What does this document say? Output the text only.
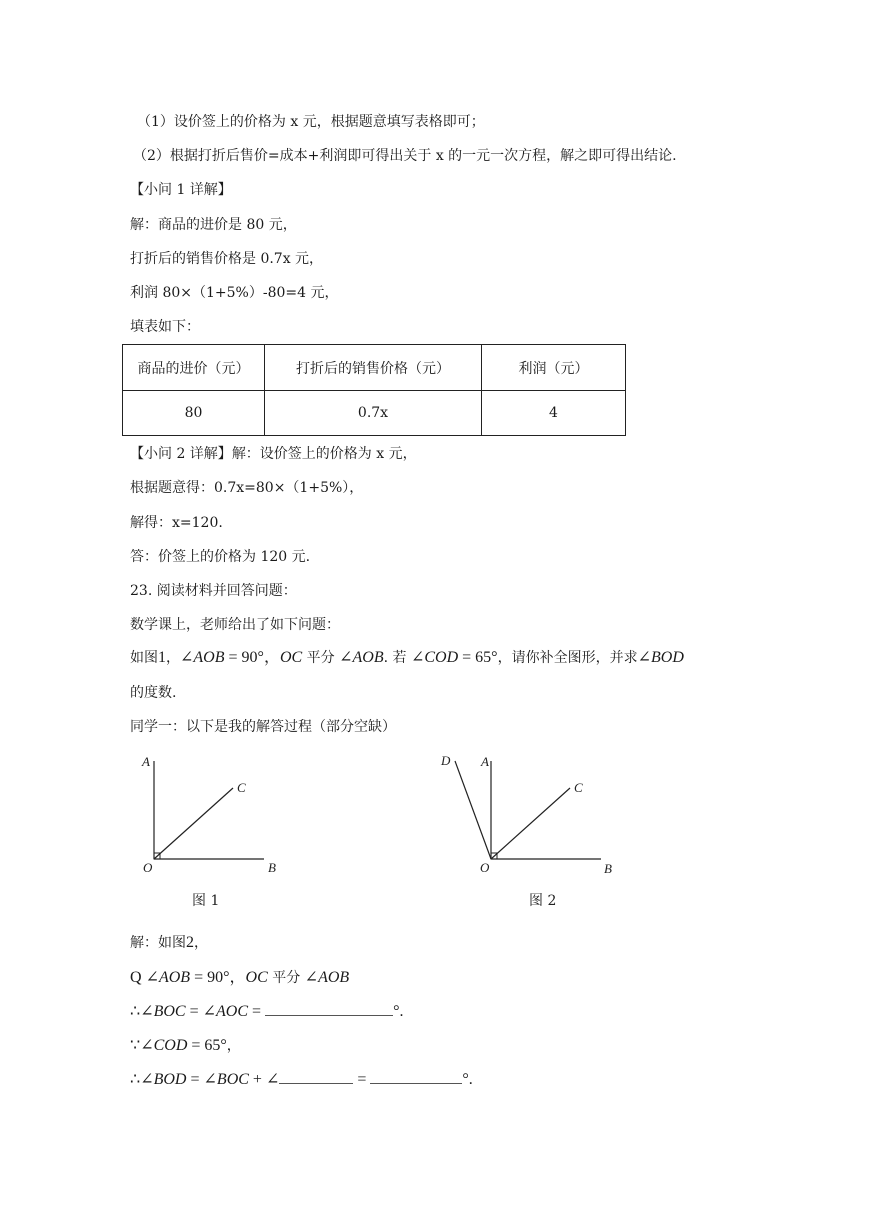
（1）设价签上的价格为 x 元，根据题意填写表格即可；
（2）根据打折后售价=成本+利润即可得出关于 x 的一元一次方程，解之即可得出结论.
【小问 1 详解】
解：商品的进价是 80 元，
打折后的销售价格是 0.7x 元，
利润 80×（1+5%）-80=4 元，
填表如下：
商品的进价（元）	打折后的销售价格（元）	利润（元）
80	0.7x	4
【小问 2 详解】解：设价签上的价格为 x 元，
根据题意得：0.7x=80×（1+5%），
解得：x=120.
答：价签上的价格为 120 元.
23. 阅读材料并回答问题：
数学课上，老师给出了如下问题：
如图1，∠AOB = 90°，OC 平分 ∠AOB. 若 ∠COD = 65°，请你补全图形，并求∠BOD
的度数.
同学一：以下是我的解答过程（部分空缺）
A
C
O	B
图 1
D A
C
O	B
图 2
解：如图2，
Q ∠AOB = 90°，OC 平分 ∠AOB
∴∠BOC = ∠AOC =	°.
∵∠COD = 65°，
∴∠BOD = ∠BOC + ∠	=	°.
